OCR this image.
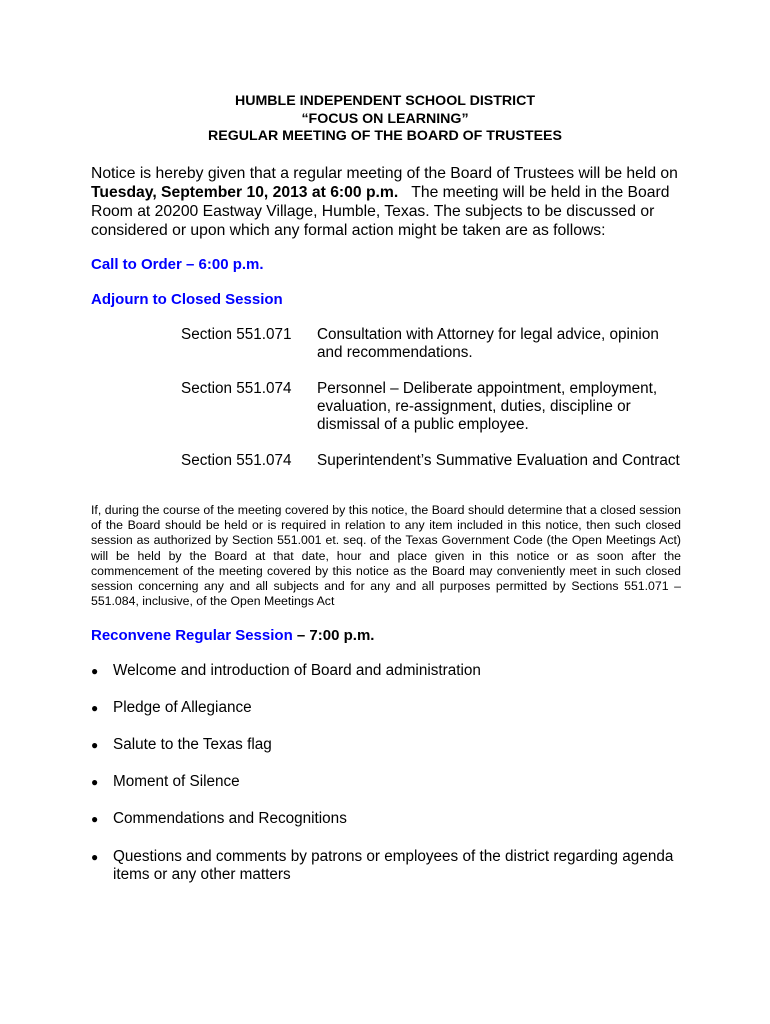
HUMBLE INDEPENDENT SCHOOL DISTRICT
“FOCUS ON LEARNING”
REGULAR MEETING OF THE BOARD OF TRUSTEES
Notice is hereby given that a regular meeting of the Board of Trustees will be held on
Tuesday, September 10, 2013 at 6:00 p.m. The meeting will be held in the Board
Room at 20200 Eastway Village, Humble, Texas. The subjects to be discussed or
considered or upon which any formal action might be taken are as follows:
Call to Order – 6:00 p.m.
Adjourn to Closed Session
Section 551.071 Consultation with Attorney for legal advice, opinion
and recommendations.
Section 551.074 Personnel – Deliberate appointment, employment,
evaluation, re-assignment, duties, discipline or
dismissal of a public employee.
Section 551.074 Superintendent’s Summative Evaluation and Contract
If, during the course of the meeting covered by this notice, the Board should determine that a closed session of the Board should be held or is required in relation to any item included in this notice, then such closed session as authorized by Section 551.001 et. seq. of the Texas Government Code (the Open Meetings Act) will be held by the Board at that date, hour and place given in this notice or as soon after the commencement of the meeting covered by this notice as the Board may conveniently meet in such closed session concerning any and all subjects and for any and all purposes permitted by Sections 551.071 – 551.084, inclusive, of the Open Meetings Act
Reconvene Regular Session – 7:00 p.m.
● Welcome and introduction of Board and administration
● Pledge of Allegiance
● Salute to the Texas flag
● Moment of Silence
● Commendations and Recognitions
● Questions and comments by patrons or employees of the district regarding agenda
items or any other matters
